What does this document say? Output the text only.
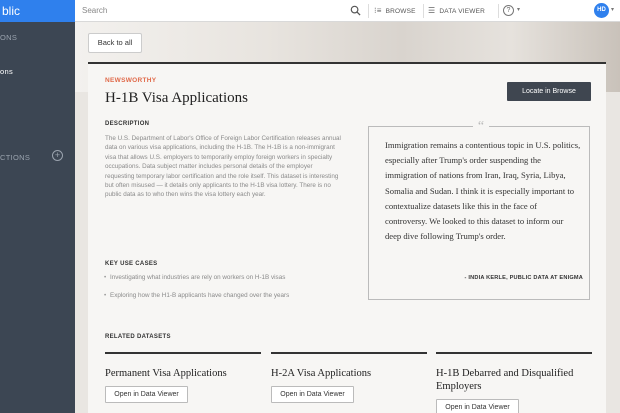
blic	Search	⁝≡ BROWSE ☰ DATA VIEWER	?	▾	HD ▾
ONS
ons
CTIONS	+
Back to all
NEWSWORTHY
H-1B Visa Applications	Locate in Browse
DESCRIPTION
The U.S. Department of Labor's Office of Foreign Labor Certification releases annual data on various visa applications, including the H-1B. The H-1B is a non-immigrant visa that allows U.S. employers to temporarily employ foreign workers in specialty occupations. Data subject matter includes personal details of the employer requesting temporary labor certification and the role itself. This dataset is interesting but often misused — it details only applicants to the H-1B visa lottery. There is no public data as to who then wins the visa lottery each year.
KEY USE CASES
• Investigating what industries are rely on workers on H-1B visas
• Exploring how the H1-B applicants have changed over the years
“
Immigration remains a contentious topic in U.S. politics, especially after Trump's order suspending the immigration of nations from Iran, Iraq, Syria, Libya, Somalia and Sudan. I think it is especially important to contextualize datasets like this in the face of controversy. We looked to this dataset to inform our deep dive following Trump's order.
- INDIA KERLE, PUBLIC DATA AT ENIGMA
RELATED DATASETS
Permanent Visa Applications
Open in Data Viewer
H-2A Visa Applications
Open in Data Viewer
H-1B Debarred and Disqualified Employers
Open in Data Viewer
